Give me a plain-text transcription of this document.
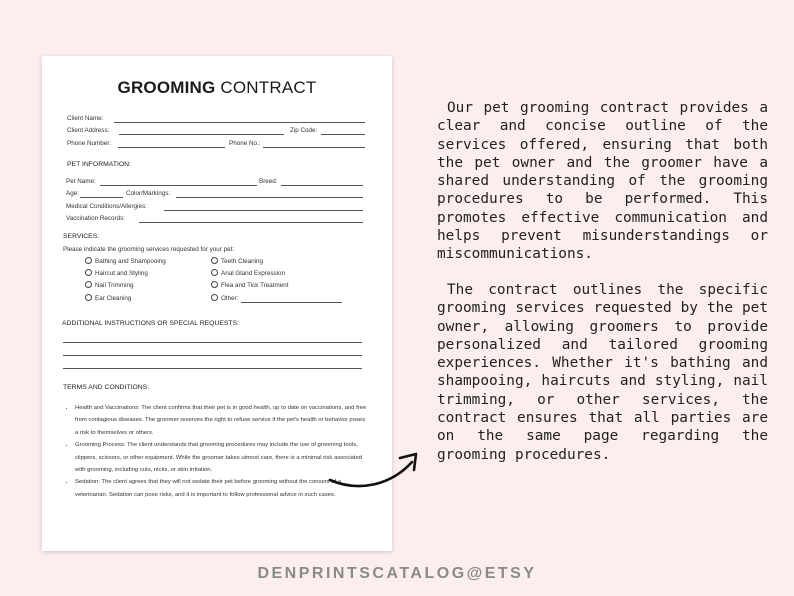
GROOMING CONTRACT
Client Name:
Client Address:	Zip Code:
Phone Number:	Phone No.:
PET INFORMATION:
Pet Name:	Breed:
Age:	Color/Markings:
Medical Conditions/Allergies:
Vaccination Records:
SERVICES:
Please indicate the grooming services requested for your pet:
Bathing and Shampooing
Haircut and Styling
Nail Trimming
Ear Cleaning
Teeth Cleaning
Anal Gland Expression
Flea and Tick Treatment
Other:
ADDITIONAL INSTRUCTIONS OR SPECIAL REQUESTS:
TERMS AND CONDITIONS:
• Health and Vaccinations: The client confirms that their pet is in good health, up to date on vaccinations, and free from contagious diseases. The groomer reserves the right to refuse service if the pet's health or behavior poses a risk to themselves or others.
• Grooming Process: The client understands that grooming procedures may include the use of grooming tools, clippers, scissors, or other equipment. While the groomer takes utmost care, there is a minimal risk associated with grooming, including cuts, nicks, or skin irritation.
• Sedation: The client agrees that they will not sedate their pet before grooming without the consent of a veterinarian. Sedation can pose risks, and it is important to follow professional advice in such cases.
Our pet grooming contract provides a clear and concise outline of the services offered, ensuring that both the pet owner and the groomer have a shared understanding of the grooming procedures to be performed. This promotes effective communication and helps prevent misunderstandings or miscommunications.
The contract outlines the specific grooming services requested by the pet owner, allowing groomers to provide personalized and tailored grooming experiences. Whether it's bathing and shampooing, haircuts and styling, nail trimming, or other services, the contract ensures that all parties are on the same page regarding the grooming procedures.
DENPRINTSCATALOG@ETSY
